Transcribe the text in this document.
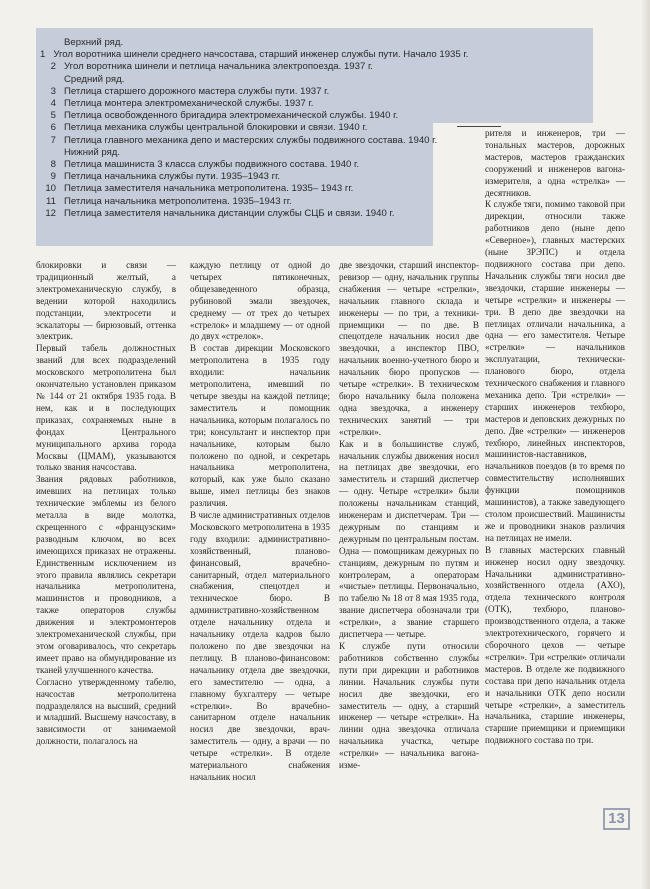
Верхний ряд.
1 Угол воротника шинели среднего начсостава, старший инженер службы пути. Начало 1935 г.
2 Угол воротника шинели и петлица начальника электропоезда. 1937 г.
Средний ряд.
3 Петлица старшего дорожного мастера службы пути. 1937 г.
4 Петлица монтера электромеханической службы. 1937 г.
5 Петлица освобожденного бригадира электромеханической службы. 1940 г.
6 Петлица механика службы центральной блокировки и связи. 1940 г.
7 Петлица главного механика депо и мастерских службы подвижного состава. 1940 г.
Нижний ряд.
8 Петлица машиниста 3 класса службы подвижного состава. 1940 г.
9 Петлица начальника службы пути. 1935–1943 гг.
10 Петлица заместителя начальника метрополитена. 1935– 1943 гг.
11 Петлица начальника метрополитена. 1935–1943 гг.
12 Петлица заместителя начальника дистанции службы СЦБ и связи. 1940 г.
блокировки и связи — традиционный желтый, а электромеханическую службу, в ведении которой находились подстанции, электросети и эскалаторы — бирюзовый, оттенка электрик.
Первый табель должностных званий для всех подразделений московского метрополитена был окончательно установлен приказом № 144 от 21 октября 1935 года. В нем, как и в последующих приказах, сохраняемых ныне в фондах Центрального муниципального архива города Москвы (ЦМАМ), указываются только звания начсостава.
Звания рядовых работников, имевших на петлицах только технические эмблемы из белого металла в виде молотка, скрещенного с «французским» разводным ключом, во всех имеющихся приказах не отражены. Единственным исключением из этого правила являлись секретари начальника метрополитена, машинистов и проводников, а также операторов службы движения и электромонтеров электромеханической службы, при этом оговаривалось, что секретарь имеет право на обмундирование из тканей улучшенного качества.
Согласно утвержденному табелю, начсостав метрополитена подразделялся на высший, средний и младший. Высшему начсоставу, в зависимости от занимаемой должности, полагалось на
каждую петлицу от одной до четырех пятиконечных, общезаведенного образца, рубиновой эмали звездочек, среднему — от трех до четырех «стрелок» и младшему — от одной до двух «стрелок».
В состав дирекции Московского метрополитена в 1935 году входили: начальник метрополитена, имевший по четыре звезды на каждой петлице; заместитель и помощник начальника, которым полагалось по три; консультант и инспектор при начальнике, которым было положено по одной, и секретарь начальника метрополитена, который, как уже было сказано выше, имел петлицы без знаков различия.
В числе административных отделов Московского метрополитена в 1935 году входили: административно-хозяйственный, планово-финансовый, врачебно-санитарный, отдел материального снабжения, спецотдел и техническое бюро. В административно-хозяйственном отделе начальнику отдела и начальнику отдела кадров было положено по две звездочки на петлицу. В планово-финансовом: начальнику отдела две звездочки, его заместителю — одна, а главному бухгалтеру — четыре «стрелки». Во врачебно-санитарном отделе начальник носил две звездочки, врач-заместитель — одну, а врачи — по четыре «стрелки». В отделе материального снабжения начальник носил
две звездочки, старший инспектор-ревизор — одну, начальник группы снабжения — четыре «стрелки», начальник главного склада и инженеры — по три, а техники-приемщики — по две. В спецотделе начальник носил две звездочки, а инспектор ПВО, начальник военно-учетного бюро и начальник бюро пропусков — четыре «стрелки». В техническом бюро начальнику была положена одна звездочка, а инженеру технических занятий — три «стрелки».
Как и в большинстве служб, начальник службы движения носил на петлицах две звездочки, его заместитель и старший диспетчер — одну. Четыре «стрелки» были положены начальникам станций, инженерам и диспетчерам. Три — дежурным по станциям и дежурным по центральным постам. Одна — помощникам дежурных по станциям, дежурным по путям и контролерам, а операторам «чистые» петлицы. Первоначально, по табелю № 18 от 8 мая 1935 года, звание диспетчера обозначали три «стрелки», а звание старшего диспетчера — четыре.
К службе пути относили работников собственно службы пути при дирекции и работников линии. Начальник службы пути носил две звездочки, его заместитель — одну, а старший инженер — четыре «стрелки». На линии одна звездочка отличала начальника участка, четыре «стрелки» — начальника вагона-изме-
рителя и инженеров, три — тональных мастеров, дорожных мастеров, мастеров гражданских сооружений и инженеров вагона-измерителя, а одна «стрелка» — десятников.
К службе тяги, помимо таковой при дирекции, относили также работников депо (ныне депо «Северное»), главных мастерских (ныне ЗРЭПС) и отдела подвижного состава при депо. Начальник службы тяги носил две звездочки, старшие инженеры — четыре «стрелки» и инженеры — три. В депо две звездочки на петлицах отличали начальника, а одна — его заместителя. Четыре «стрелки» — начальников эксплуатации, технически-планового бюро, отдела технического снабжения и главного механика депо. Три «стрелки» — старших инженеров техбюро, мастеров и деповских дежурных по депо. Две «стрелки» — инженеров техбюро, линейных инспекторов, машинистов-наставников, начальников поездов (в то время по совместительству исполнявших функции помощников машинистов), а также заведующего столом происшествий. Машинисты же и проводники знаков различия на петлицах не имели.
В главных мастерских главный инженер носил одну звездочку. Начальники административно-хозяйственного отдела (АХО), отдела технического контроля (ОТК), техбюро, планово-производственного отдела, а также электротехнического, горячего и сборочного цехов — четыре «стрелки». Три «стрелки» отличали мастеров. В отделе же подвижного состава при депо начальник отдела и начальники ОТК депо носили четыре «стрелки», а заместитель начальника, старшие инженеры, старшие приемщики и приемщики подвижного состава по три.
13
